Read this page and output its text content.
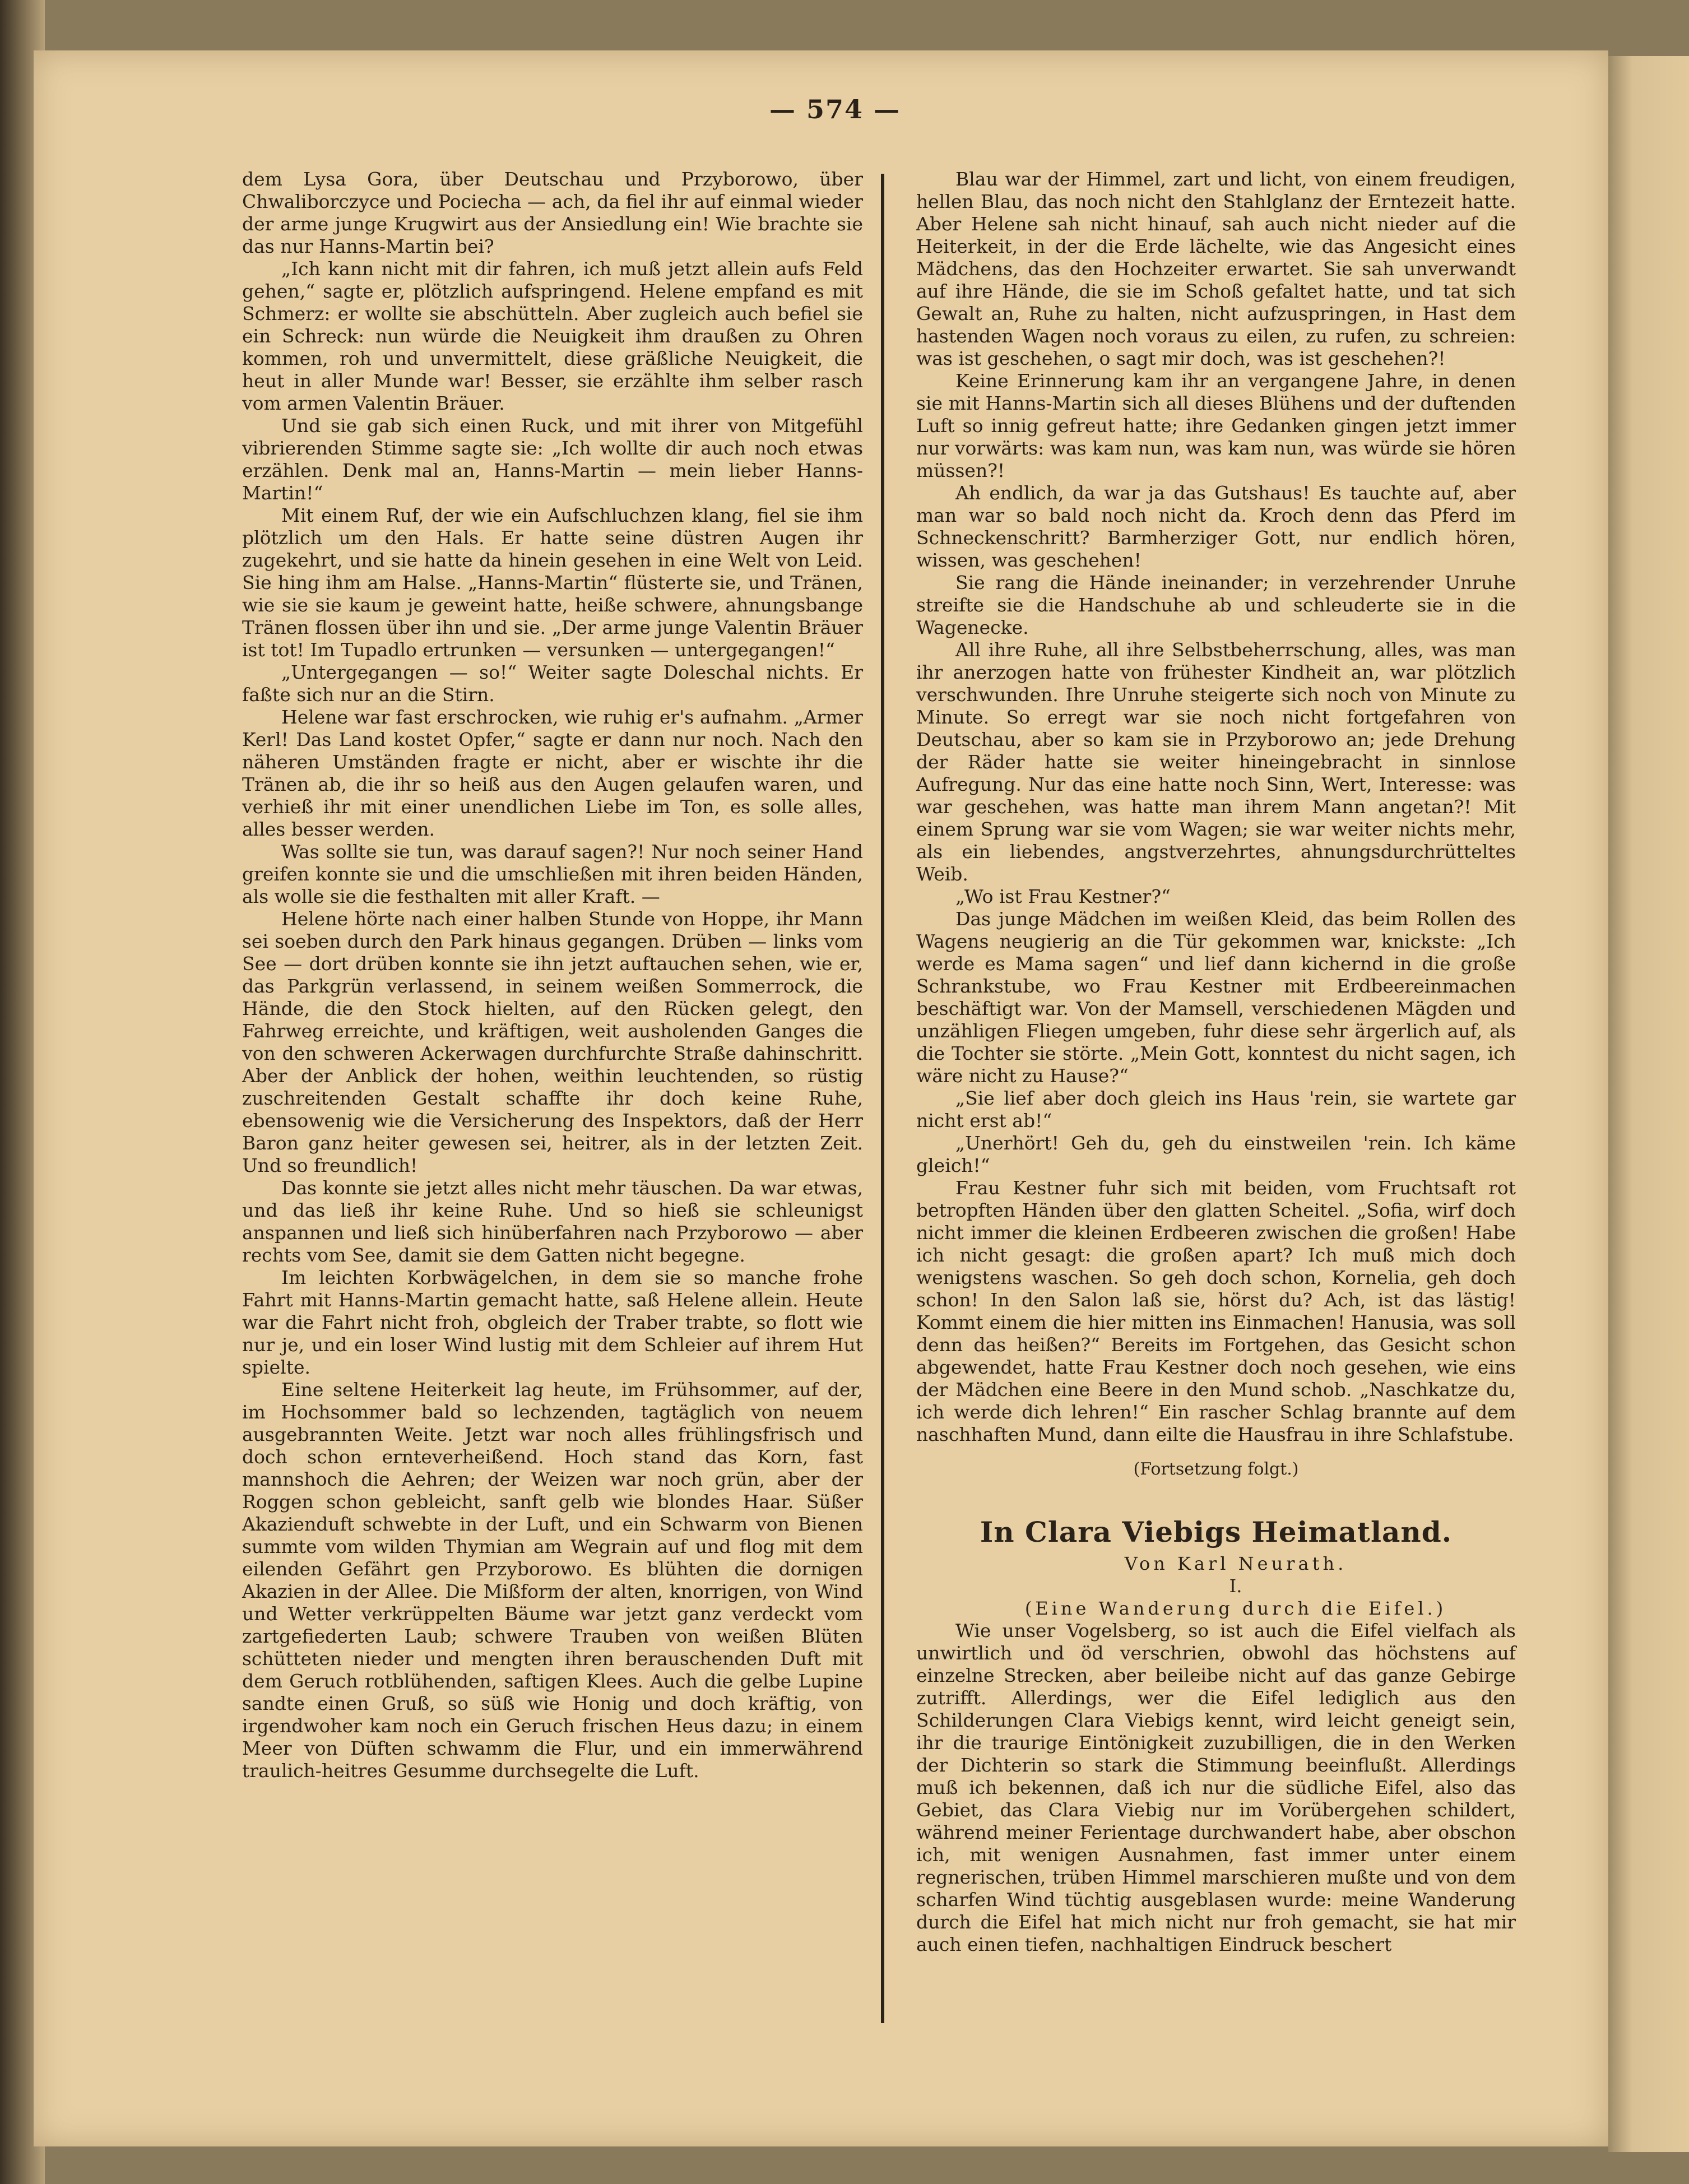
— 574 —

dem Lysa Gora, über Deutschau und Przyborowo, über Chwaliborczyce und Pociecha — ach, da fiel ihr auf einmal wieder der arme junge Krugwirt aus der Ansiedlung ein! Wie brachte sie das nur Hanns-Martin bei?

„Ich kann nicht mit dir fahren, ich muß jetzt allein aufs Feld gehen,“ sagte er, plötzlich aufspringend. Helene empfand es mit Schmerz: er wollte sie abschütteln. Aber zugleich auch befiel sie ein Schreck: nun würde die Neuigkeit ihm draußen zu Ohren kommen, roh und unvermittelt, diese gräßliche Neuigkeit, die heut in aller Munde war! Besser, sie erzählte ihm selber rasch vom armen Valentin Bräuer.

Und sie gab sich einen Ruck, und mit ihrer von Mitgefühl vibrierenden Stimme sagte sie: „Ich wollte dir auch noch etwas erzählen. Denk mal an, Hanns-Martin — mein lieber Hanns-Martin!“

Mit einem Ruf, der wie ein Aufschluchzen klang, fiel sie ihm plötzlich um den Hals. Er hatte seine düstren Augen ihr zugekehrt, und sie hatte da hinein gesehen in eine Welt von Leid. Sie hing ihm am Halse. „Hanns-Martin“ flüsterte sie, und Tränen, wie sie sie kaum je geweint hatte, heiße schwere, ahnungsbange Tränen flossen über ihn und sie. „Der arme junge Valentin Bräuer ist tot! Im Tupadlo ertrunken — versunken — untergegangen!“

„Untergegangen — so!“ Weiter sagte Doleschal nichts. Er faßte sich nur an die Stirn.

Helene war fast erschrocken, wie ruhig er's aufnahm. „Armer Kerl! Das Land kostet Opfer,“ sagte er dann nur noch. Nach den näheren Umständen fragte er nicht, aber er wischte ihr die Tränen ab, die ihr so heiß aus den Augen gelaufen waren, und verhieß ihr mit einer unendlichen Liebe im Ton, es solle alles, alles besser werden.

Was sollte sie tun, was darauf sagen?! Nur noch seiner Hand greifen konnte sie und die umschließen mit ihren beiden Händen, als wolle sie die festhalten mit aller Kraft. —

Helene hörte nach einer halben Stunde von Hoppe, ihr Mann sei soeben durch den Park hinaus gegangen. Drüben — links vom See — dort drüben konnte sie ihn jetzt auftauchen sehen, wie er, das Parkgrün verlassend, in seinem weißen Sommerrock, die Hände, die den Stock hielten, auf den Rücken gelegt, den Fahrweg erreichte, und kräftigen, weit ausholenden Ganges die von den schweren Ackerwagen durchfurchte Straße dahinschritt. Aber der Anblick der hohen, weithin leuchtenden, so rüstig zuschreitenden Gestalt schaffte ihr doch keine Ruhe, ebensowenig wie die Versicherung des Inspektors, daß der Herr Baron ganz heiter gewesen sei, heitrer, als in der letzten Zeit. Und so freundlich!

Das konnte sie jetzt alles nicht mehr täuschen. Da war etwas, und das ließ ihr keine Ruhe. Und so hieß sie schleunigst anspannen und ließ sich hinüberfahren nach Przyborowo — aber rechts vom See, damit sie dem Gatten nicht begegne.

Im leichten Korbwägelchen, in dem sie so manche frohe Fahrt mit Hanns-Martin gemacht hatte, saß Helene allein. Heute war die Fahrt nicht froh, obgleich der Traber trabte, so flott wie nur je, und ein loser Wind lustig mit dem Schleier auf ihrem Hut spielte.

Eine seltene Heiterkeit lag heute, im Frühsommer, auf der, im Hochsommer bald so lechzenden, tagtäglich von neuem ausgebrannten Weite. Jetzt war noch alles frühlingsfrisch und doch schon ernteverheißend. Hoch stand das Korn, fast mannshoch die Aehren; der Weizen war noch grün, aber der Roggen schon gebleicht, sanft gelb wie blondes Haar. Süßer Akazienduft schwebte in der Luft, und ein Schwarm von Bienen summte vom wilden Thymian am Wegrain auf und flog mit dem eilenden Gefährt gen Przyborowo. Es blühten die dornigen Akazien in der Allee. Die Mißform der alten, knorrigen, von Wind und Wetter verkrüppelten Bäume war jetzt ganz verdeckt vom zartgefiederten Laub; schwere Trauben von weißen Blüten schütteten nieder und mengten ihren berauschenden Duft mit dem Geruch rotblühenden, saftigen Klees. Auch die gelbe Lupine sandte einen Gruß, so süß wie Honig und doch kräftig, von irgendwoher kam noch ein Geruch frischen Heus dazu; in einem Meer von Düften schwamm die Flur, und ein immerwährend traulich-heitres Gesumme durchsegelte die Luft.

Blau war der Himmel, zart und licht, von einem freudigen, hellen Blau, das noch nicht den Stahlglanz der Erntezeit hatte. Aber Helene sah nicht hinauf, sah auch nicht nieder auf die Heiterkeit, in der die Erde lächelte, wie das Angesicht eines Mädchens, das den Hochzeiter erwartet. Sie sah unverwandt auf ihre Hände, die sie im Schoß gefaltet hatte, und tat sich Gewalt an, Ruhe zu halten, nicht aufzuspringen, in Hast dem hastenden Wagen noch voraus zu eilen, zu rufen, zu schreien: was ist geschehen, o sagt mir doch, was ist geschehen?!

Keine Erinnerung kam ihr an vergangene Jahre, in denen sie mit Hanns-Martin sich all dieses Blühens und der duftenden Luft so innig gefreut hatte; ihre Gedanken gingen jetzt immer nur vorwärts: was kam nun, was kam nun, was würde sie hören müssen?!

Ah endlich, da war ja das Gutshaus! Es tauchte auf, aber man war so bald noch nicht da. Kroch denn das Pferd im Schneckenschritt? Barmherziger Gott, nur endlich hören, wissen, was geschehen!

Sie rang die Hände ineinander; in verzehrender Unruhe streifte sie die Handschuhe ab und schleuderte sie in die Wagenecke.

All ihre Ruhe, all ihre Selbstbeherrschung, alles, was man ihr anerzogen hatte von frühester Kindheit an, war plötzlich verschwunden. Ihre Unruhe steigerte sich noch von Minute zu Minute. So erregt war sie noch nicht fortgefahren von Deutschau, aber so kam sie in Przyborowo an; jede Drehung der Räder hatte sie weiter hineingebracht in sinnlose Aufregung. Nur das eine hatte noch Sinn, Wert, Interesse: was war geschehen, was hatte man ihrem Mann angetan?! Mit einem Sprung war sie vom Wagen; sie war weiter nichts mehr, als ein liebendes, angstverzehrtes, ahnungsdurchrütteltes Weib.

„Wo ist Frau Kestner?“

Das junge Mädchen im weißen Kleid, das beim Rollen des Wagens neugierig an die Tür gekommen war, knickste: „Ich werde es Mama sagen“ und lief dann kichernd in die große Schrankstube, wo Frau Kestner mit Erdbeereinmachen beschäftigt war. Von der Mamsell, verschiedenen Mägden und unzähligen Fliegen umgeben, fuhr diese sehr ärgerlich auf, als die Tochter sie störte. „Mein Gott, konntest du nicht sagen, ich wäre nicht zu Hause?“

„Sie lief aber doch gleich ins Haus 'rein, sie wartete gar nicht erst ab!“

„Unerhört! Geh du, geh du einstweilen 'rein. Ich käme gleich!“

Frau Kestner fuhr sich mit beiden, vom Fruchtsaft rot betropften Händen über den glatten Scheitel. „Sofia, wirf doch nicht immer die kleinen Erdbeeren zwischen die großen! Habe ich nicht gesagt: die großen apart? Ich muß mich doch wenigstens waschen. So geh doch schon, Kornelia, geh doch schon! In den Salon laß sie, hörst du? Ach, ist das lästig! Kommt einem die hier mitten ins Einmachen! Hanusia, was soll denn das heißen?“ Bereits im Fortgehen, das Gesicht schon abgewendet, hatte Frau Kestner doch noch gesehen, wie eins der Mädchen eine Beere in den Mund schob. „Naschkatze du, ich werde dich lehren!“ Ein rascher Schlag brannte auf dem naschhaften Mund, dann eilte die Hausfrau in ihre Schlafstube.

(Fortsetzung folgt.)

In Clara Viebigs Heimatland.

Von Karl Neurath.

I.

(Eine Wanderung durch die Eifel.)

Wie unser Vogelsberg, so ist auch die Eifel vielfach als unwirtlich und öd verschrien, obwohl das höchstens auf einzelne Strecken, aber beileibe nicht auf das ganze Gebirge zutrifft. Allerdings, wer die Eifel lediglich aus den Schilderungen Clara Viebigs kennt, wird leicht geneigt sein, ihr die traurige Eintönigkeit zuzubilligen, die in den Werken der Dichterin so stark die Stimmung beeinflußt. Allerdings muß ich bekennen, daß ich nur die südliche Eifel, also das Gebiet, das Clara Viebig nur im Vorübergehen schildert, während meiner Ferientage durchwandert habe, aber obschon ich, mit wenigen Ausnahmen, fast immer unter einem regnerischen, trüben Himmel marschieren mußte und von dem scharfen Wind tüchtig ausgeblasen wurde: meine Wanderung durch die Eifel hat mich nicht nur froh gemacht, sie hat mir auch einen tiefen, nachhaltigen Eindruck beschert
